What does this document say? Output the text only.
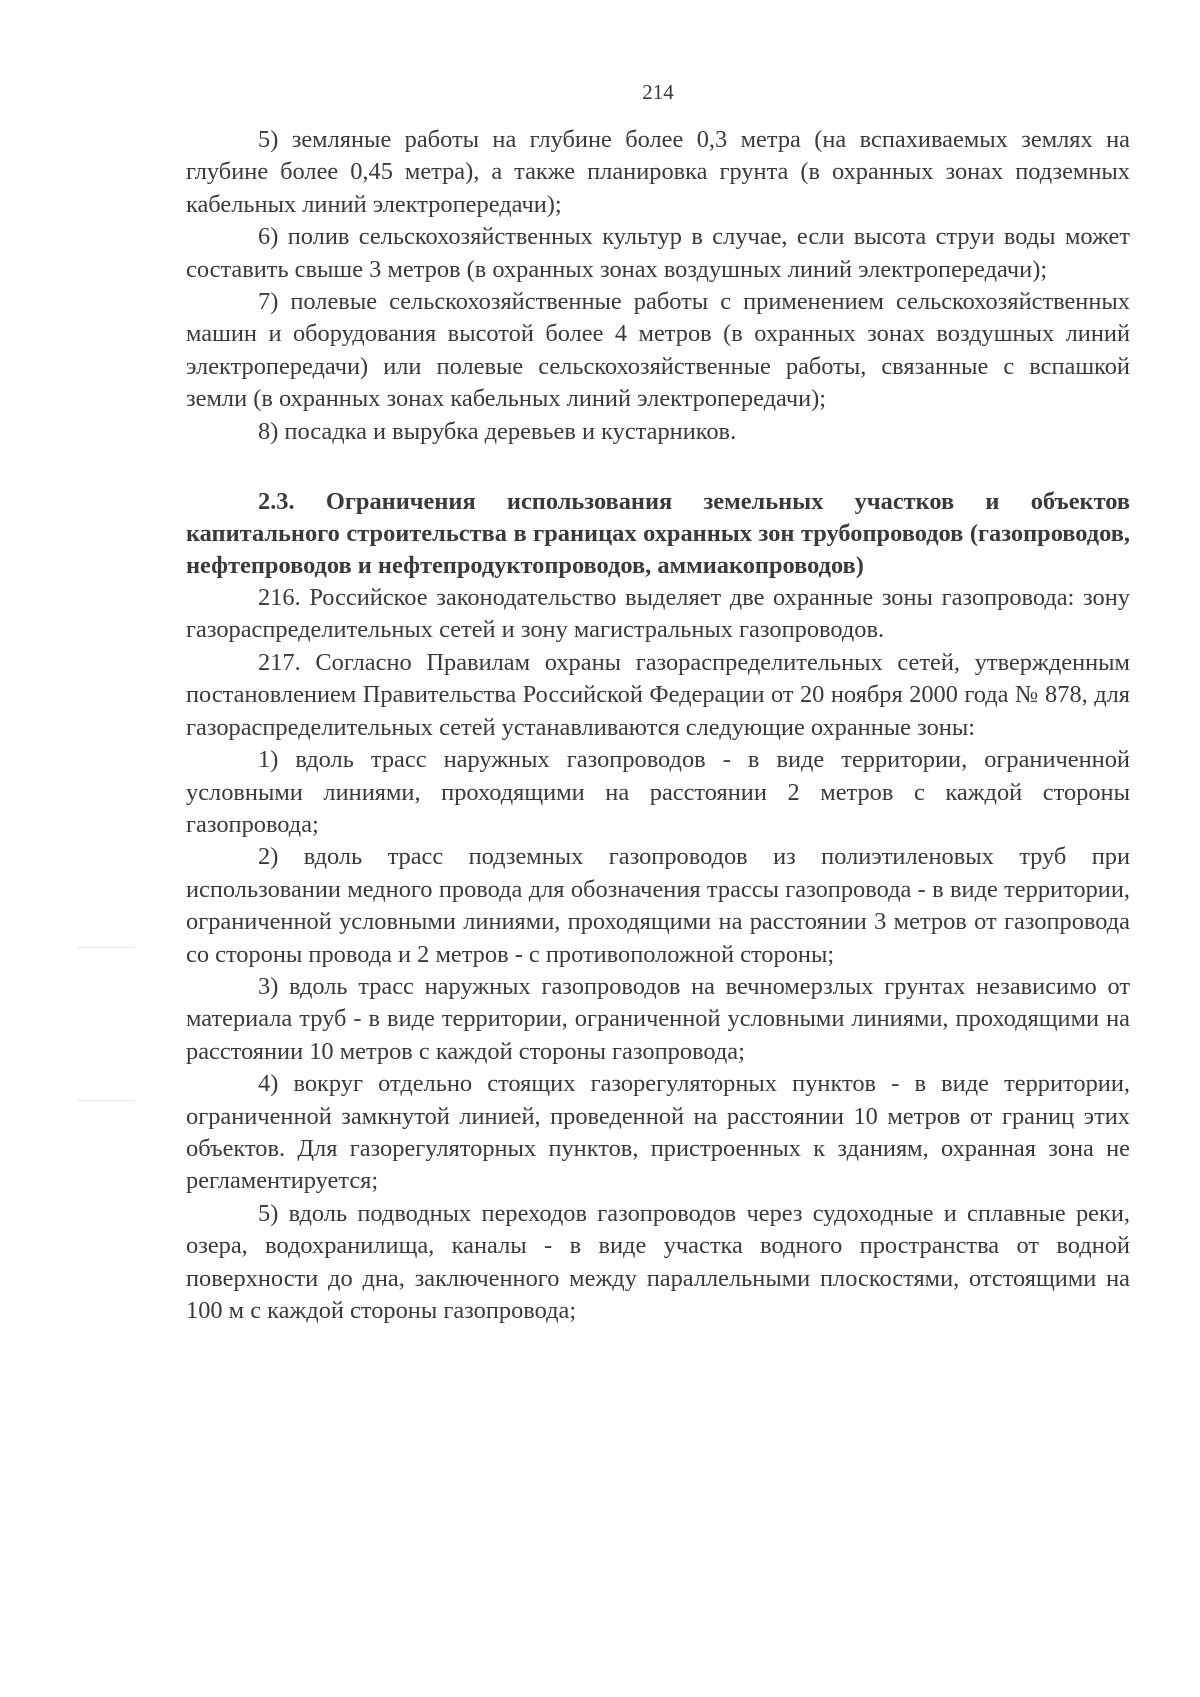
214

5) земляные работы на глубине более 0,3 метра (на вспахиваемых землях на глубине более 0,45 метра), а также планировка грунта (в охранных зонах подземных кабельных линий электропередачи);

6) полив сельскохозяйственных культур в случае, если высота струи воды может составить свыше 3 метров (в охранных зонах воздушных линий электропередачи);

7) полевые сельскохозяйственные работы с применением сельскохозяйственных машин и оборудования высотой более 4 метров (в охранных зонах воздушных линий электропередачи) или полевые сельскохозяйственные работы, связанные с вспашкой земли (в охранных зонах кабельных линий электропередачи);

8) посадка и вырубка деревьев и кустарников.

2.3. Ограничения использования земельных участков и объектов капитального строительства в границах охранных зон трубопроводов (газопроводов, нефтепроводов и нефтепродуктопроводов, аммиакопроводов)

216. Российское законодательство выделяет две охранные зоны газопровода: зону газораспределительных сетей и зону магистральных газопроводов.

217. Согласно Правилам охраны газораспределительных сетей, утвержденным постановлением Правительства Российской Федерации от 20 ноября 2000 года № 878, для газораспределительных сетей устанавливаются следующие охранные зоны:

1) вдоль трасс наружных газопроводов - в виде территории, ограниченной условными линиями, проходящими на расстоянии 2 метров с каждой стороны газопровода;

2) вдоль трасс подземных газопроводов из полиэтиленовых труб при использовании медного провода для обозначения трассы газопровода - в виде территории, ограниченной условными линиями, проходящими на расстоянии 3 метров от газопровода со стороны провода и 2 метров - с противоположной стороны;

3) вдоль трасс наружных газопроводов на вечномерзлых грунтах независимо от материала труб - в виде территории, ограниченной условными линиями, проходящими на расстоянии 10 метров с каждой стороны газопровода;

4) вокруг отдельно стоящих газорегуляторных пунктов - в виде территории, ограниченной замкнутой линией, проведенной на расстоянии 10 метров от границ этих объектов. Для газорегуляторных пунктов, пристроенных к зданиям, охранная зона не регламентируется;

5) вдоль подводных переходов газопроводов через судоходные и сплавные реки, озера, водохранилища, каналы - в виде участка водного пространства от водной поверхности до дна, заключенного между параллельными плоскостями, отстоящими на 100 м с каждой стороны газопровода;
